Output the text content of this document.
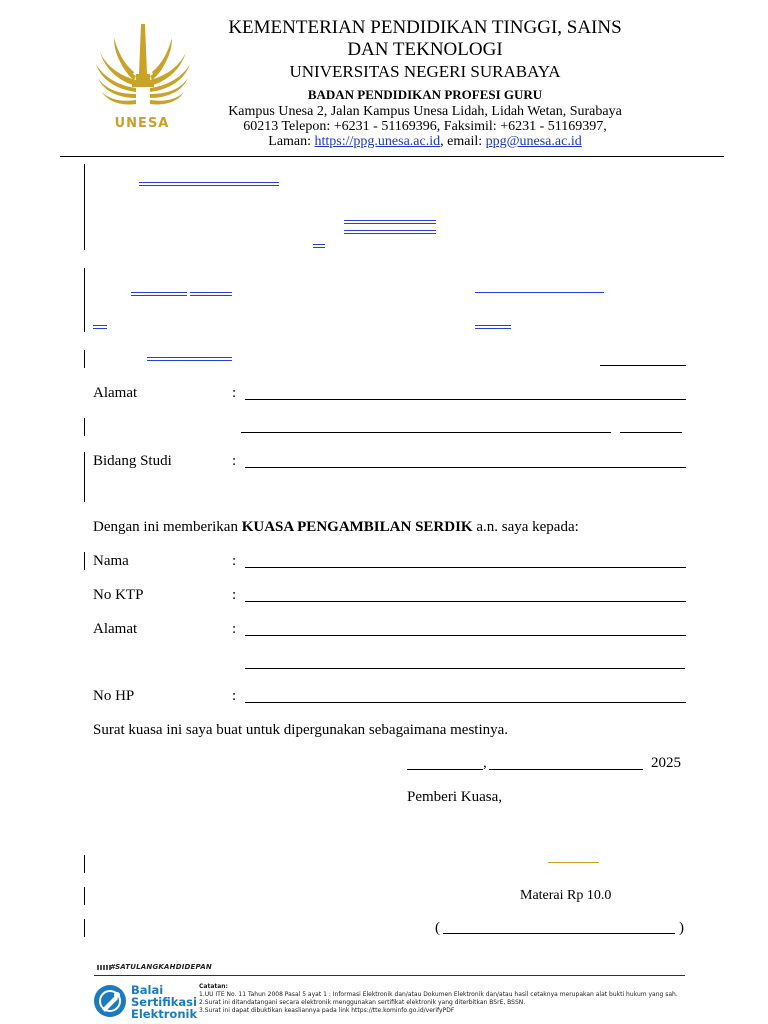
UNESA
KEMENTERIAN PENDIDIKAN TINGGI, SAINS
DAN TEKNOLOGI
UNIVERSITAS NEGERI SURABAYA
BADAN PENDIDIKAN PROFESI GURU
Kampus Unesa 2, Jalan Kampus Unesa Lidah, Lidah Wetan, Surabaya
60213 Telepon: +6231 - 51169396, Faksimil: +6231 - 51169397,
Laman: https://ppg.unesa.ac.id, email: ppg@unesa.ac.id
Alamat	:
Bidang Studi	:
Dengan ini memberikan KUASA PENGAMBILAN SERDIK a.n. saya kepada:
Nama	:
No KTP	:
Alamat	:
No HP	:
Surat kuasa ini saya buat untuk dipergunakan sebagaimana mestinya.
,	2025
Pemberi Kuasa,
Materai Rp 10.0
(	)
#SATULANGKAHDIDEPAN
Balai
Sertifikasi
Elektronik
Catatan:
1.UU ITE No. 11 Tahun 2008 Pasal 5 ayat 1 : Informasi Elektronik dan/atau Dokumen Elektronik dan/atau hasil cetaknya merupakan alat bukti hukum yang sah.
2.Surat ini ditandatangani secara elektronik menggunakan sertifikat elektronik yang diterbitkan BSrE, BSSN.
3.Surat ini dapat dibuktikan keasliannya pada link https://tte.kominfo.go.id/verifyPDF
